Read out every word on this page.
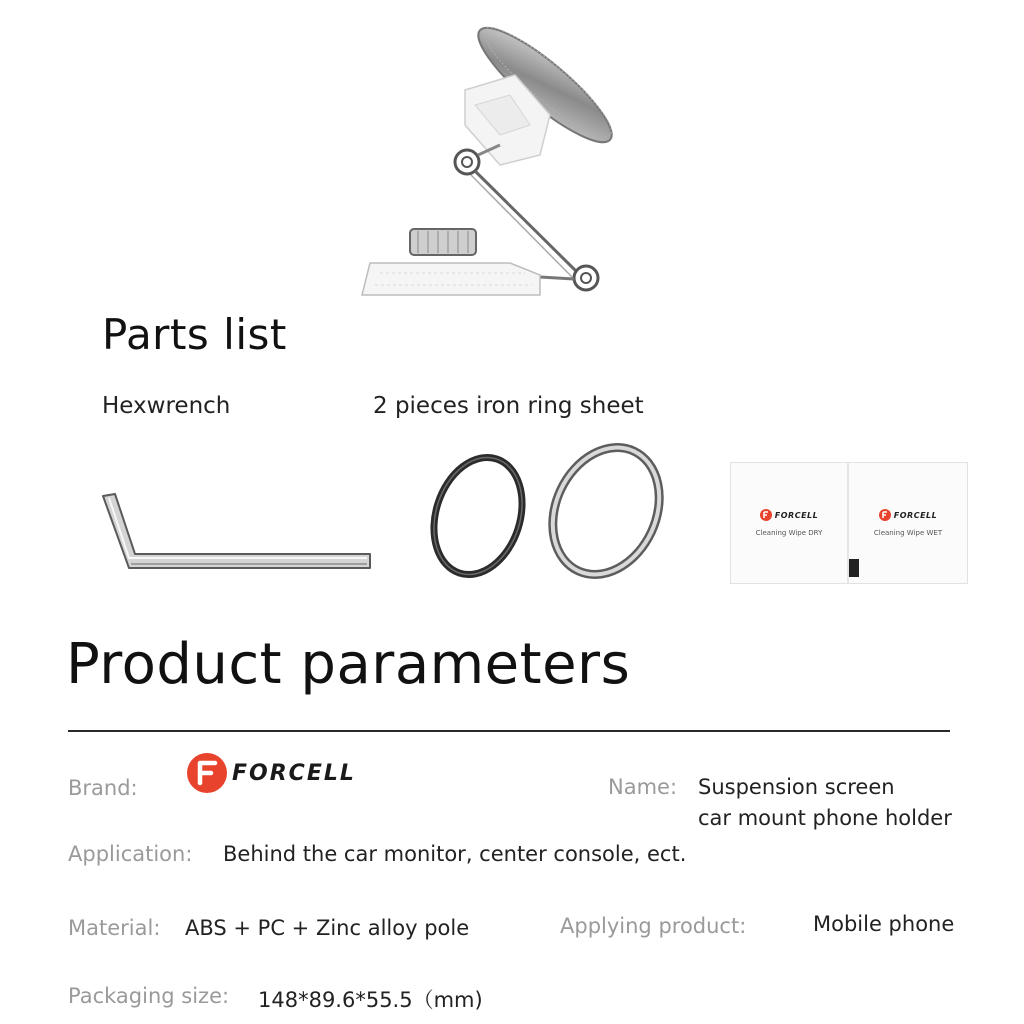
Parts list
Hexwrench	2 pieces iron ring sheet
FORCELL
Cleaning Wipe DRY
FORCELL
Cleaning Wipe WET
Product parameters
Brand:
FORCELL
Name: Suspension screen
car mount phone holder
Application: Behind the car monitor, center console, ect.
Material: ABS + PC + Zinc alloy pole	Applying product:	Mobile phone
Packaging size: 148*89.6*55.5（mm)
